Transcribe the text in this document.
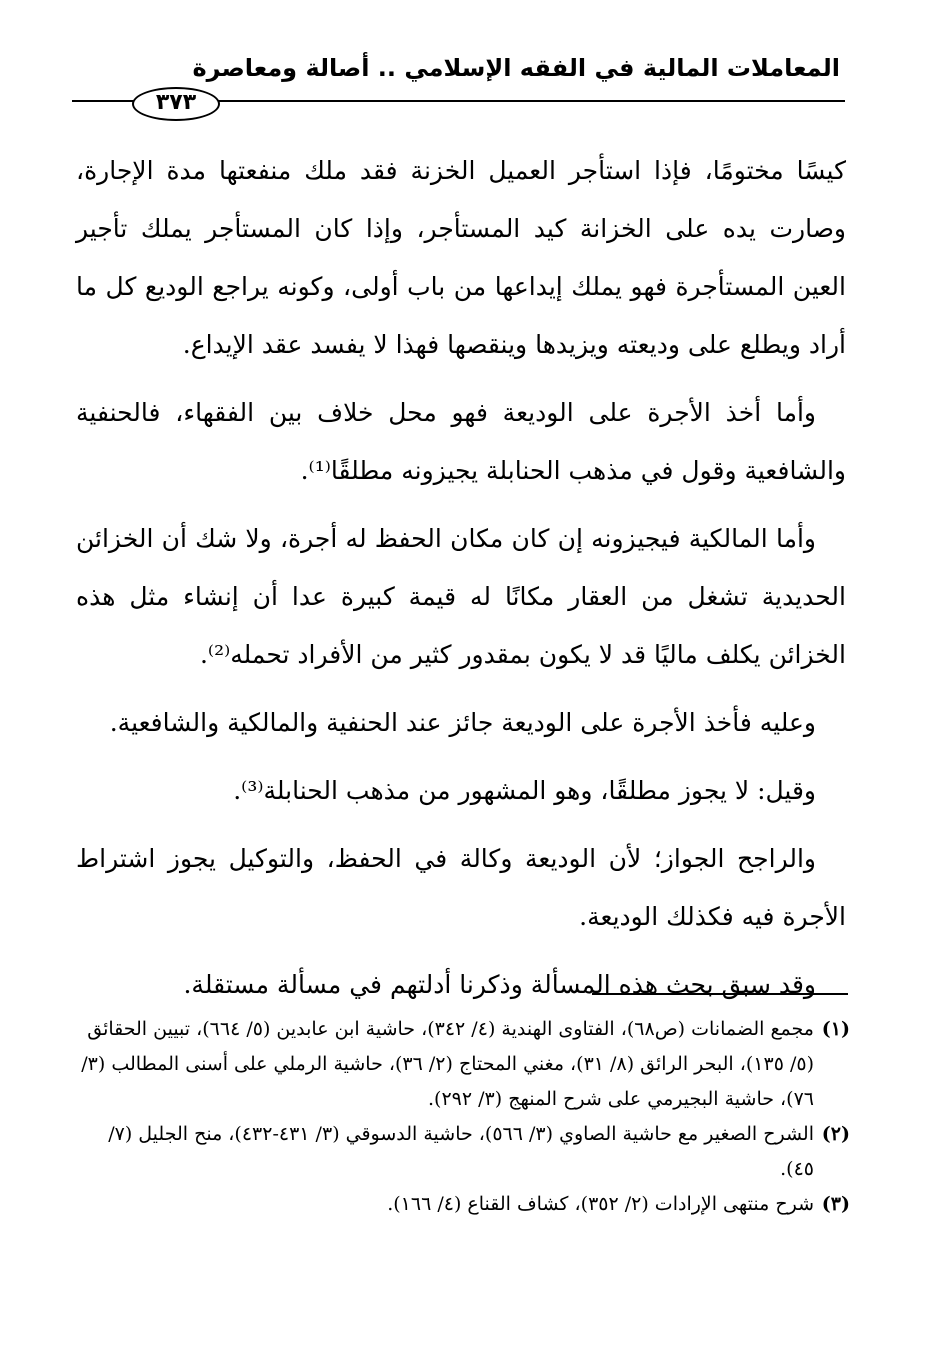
المعاملات المالية في الفقه الإسلامي .. أصالة ومعاصرة
٣٧٣

كيسًا مختومًا، فإذا استأجر العميل الخزنة فقد ملك منفعتها مدة الإجارة، وصارت يده على الخزانة كيد المستأجر، وإذا كان المستأجر يملك تأجير العين المستأجرة فهو يملك إيداعها من باب أولى، وكونه يراجع الوديع كل ما أراد ويطلع على وديعته ويزيدها وينقصها فهذا لا يفسد عقد الإيداع.

وأما أخذ الأجرة على الوديعة فهو محل خلاف بين الفقهاء، فالحنفية والشافعية وقول في مذهب الحنابلة يجيزونه مطلقًا⁽¹⁾.

وأما المالكية فيجيزونه إن كان مكان الحفظ له أجرة، ولا شك أن الخزائن الحديدية تشغل من العقار مكانًا له قيمة كبيرة عدا أن إنشاء مثل هذه الخزائن يكلف ماليًا قد لا يكون بمقدور كثير من الأفراد تحمله⁽²⁾.

وعليه فأخذ الأجرة على الوديعة جائز عند الحنفية والمالكية والشافعية.

وقيل: لا يجوز مطلقًا، وهو المشهور من مذهب الحنابلة⁽³⁾.

والراجح الجواز؛ لأن الوديعة وكالة في الحفظ، والتوكيل يجوز اشتراط الأجرة فيه فكذلك الوديعة.

وقد سبق بحث هذه المسألة وذكرنا أدلتهم في مسألة مستقلة.

(١)
مجمع الضمانات (ص٦٨)، الفتاوى الهندية (٤/ ٣٤٢)، حاشية ابن عابدين (٥/ ٦٦٤)، تبيين الحقائق (٥/ ١٣٥)، البحر الرائق (٨/ ٣١)، مغني المحتاج (٢/ ٣٦)، حاشية الرملي على أسنى المطالب (٣/ ٧٦)، حاشية البجيرمي على شرح المنهج (٣/ ٢٩٢).

(٢)
الشرح الصغير مع حاشية الصاوي (٣/ ٥٦٦)، حاشية الدسوقي (٣/ ٤٣١-٤٣٢)، منح الجليل (٧/ ٤٥).

(٣)
شرح منتهى الإرادات (٢/ ٣٥٢)، كشاف القناع (٤/ ١٦٦).
